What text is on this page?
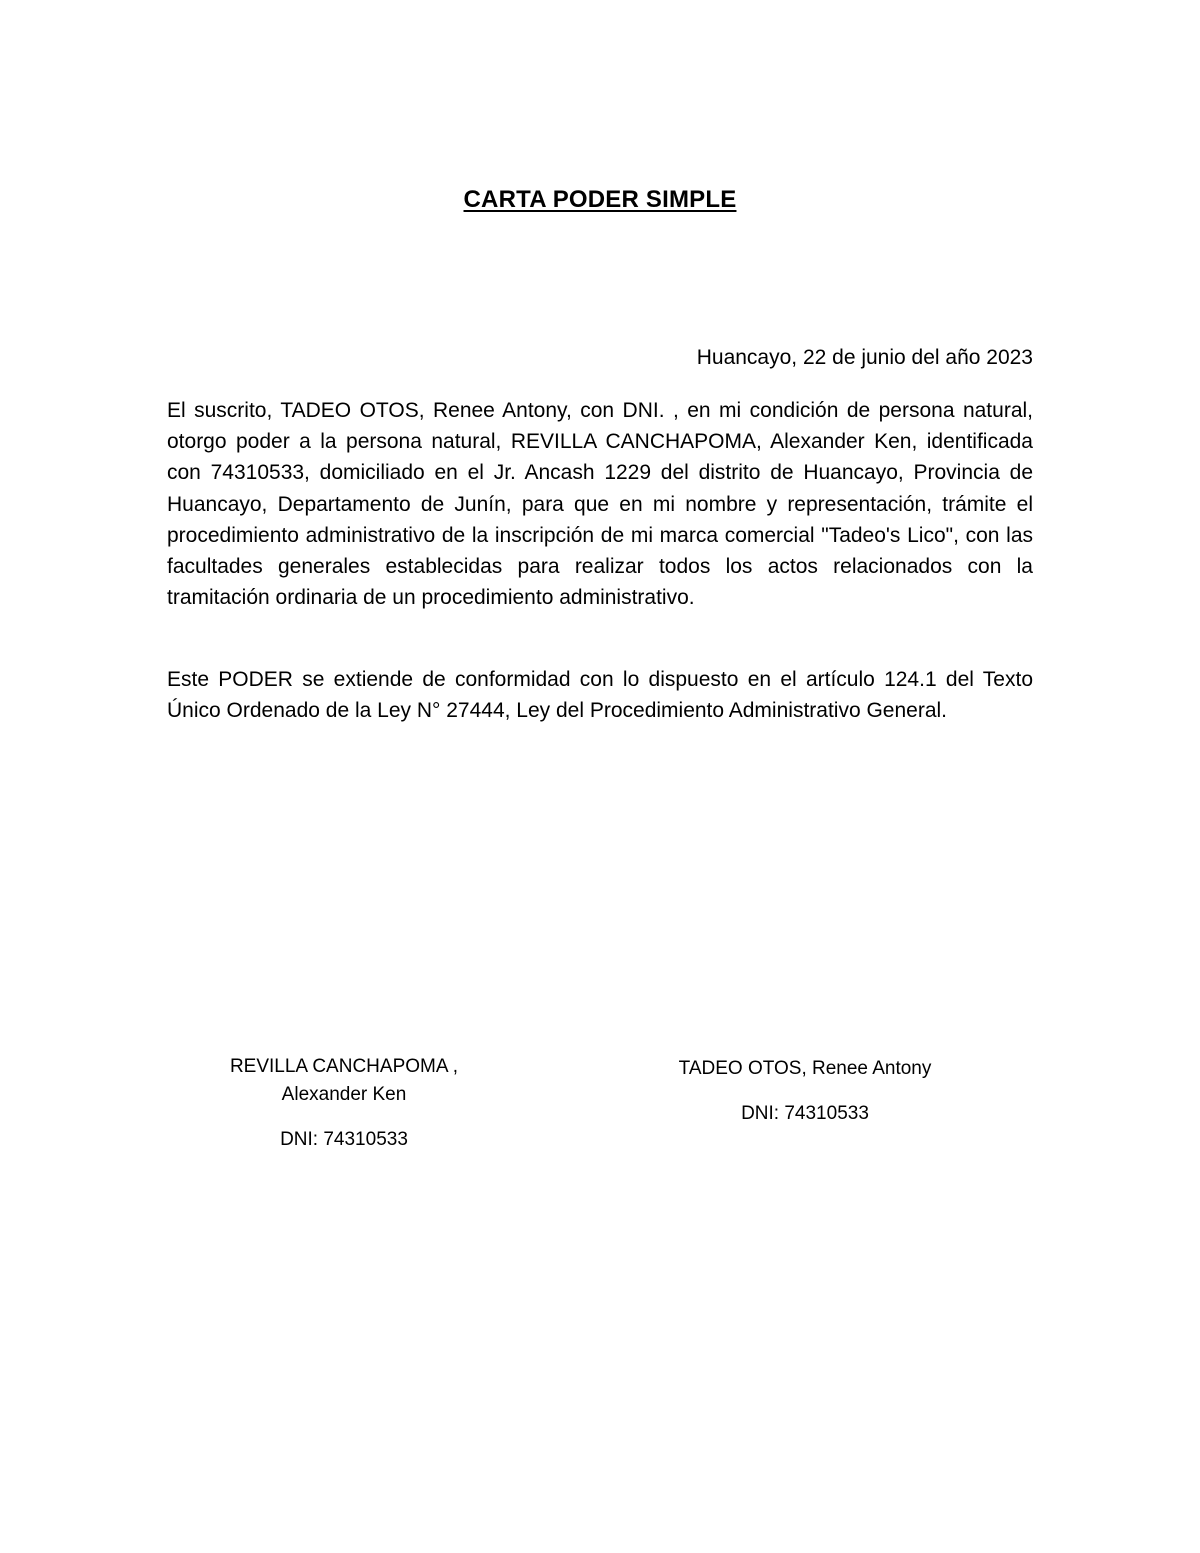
CARTA PODER SIMPLE
Huancayo, 22 de junio del año 2023

El suscrito, TADEO OTOS, Renee Antony, con DNI. , en mi condición de persona natural, otorgo poder a la persona natural, REVILLA CANCHAPOMA, Alexander Ken, identificada con 74310533, domiciliado en el Jr. Ancash 1229 del distrito de Huancayo, Provincia de Huancayo, Departamento de Junín, para que en mi nombre y representación, trámite el procedimiento administrativo de la inscripción de mi marca comercial "Tadeo's Lico", con las facultades generales establecidas para realizar todos los actos relacionados con la tramitación ordinaria de un procedimiento administrativo.

Este PODER se extiende de conformidad con lo dispuesto en el artículo 124.1 del Texto Único Ordenado de la Ley N° 27444, Ley del Procedimiento Administrativo General.

REVILLA CANCHAPOMA ,

Alexander Ken

DNI: 74310533

TADEO OTOS, Renee Antony

DNI: 74310533
